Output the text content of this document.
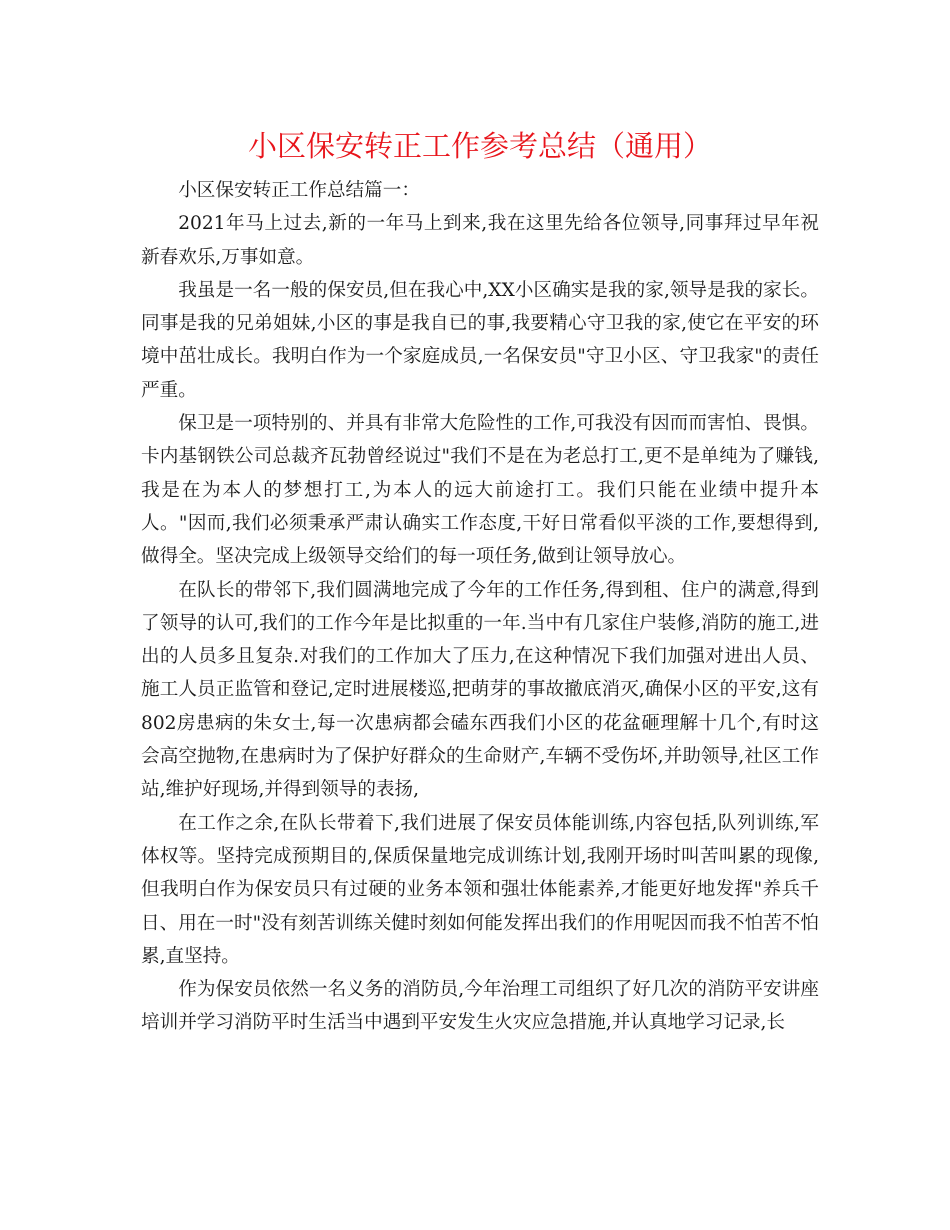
小区保安转正工作参考总结（通用）

小区保安转正工作总结篇一：

2021年马上过去,新的一年马上到来,我在这里先给各位领导,同事拜过早年祝新春欢乐,万事如意。

我虽是一名一般的保安员,但在我心中,XX小区确实是我的家,领导是我的家长。同事是我的兄弟姐妹,小区的事是我自已的事,我要精心守卫我的家,使它在平安的环境中茁壮成长。我明白作为一个家庭成员,一名保安员"守卫小区、守卫我家"的责任严重。

保卫是一项特别的、并具有非常大危险性的工作,可我没有因而而害怕、畏惧。卡内基钢铁公司总裁齐瓦勃曾经说过"我们不是在为老总打工,更不是单纯为了赚钱,我是在为本人的梦想打工,为本人的远大前途打工。我们只能在业绩中提升本人。"因而,我们必须秉承严肃认确实工作态度,干好日常看似平淡的工作,要想得到,做得全。坚决完成上级领导交给们的每一项任务,做到让领导放心。

在队长的带邻下,我们圆满地完成了今年的工作任务,得到租、住户的满意,得到了领导的认可,我们的工作今年是比拟重的一年.当中有几家住户装修,消防的施工,进出的人员多且复杂.对我们的工作加大了压力,在这种情况下我们加强对进出人员、施工人员正监管和登记,定时进展楼巡,把萌芽的事故撤底消灭,确保小区的平安,这有802房患病的朱女士,每一次患病都会磕东西我们小区的花盆砸理解十几个,有时这会高空抛物,在患病时为了保护好群众的生命财产,车辆不受伤坏,并助领导,社区工作站,维护好现场,并得到领导的表扬,

在工作之余,在队长带着下,我们进展了保安员体能训练,内容包括,队列训练,军体权等。坚持完成预期目的,保质保量地完成训练计划,我刚开场时叫苦叫累的现像,但我明白作为保安员只有过硬的业务本领和强壮体能素养,才能更好地发挥"养兵千日、用在一时"没有刻苦训练关健时刻如何能发挥出我们的作用呢因而我不怕苦不怕累,直坚持。

作为保安员依然一名义务的消防员,今年治理工司组织了好几次的消防平安讲座培训并学习消防平时生活当中遇到平安发生火灾应急措施,并认真地学习记录,长
